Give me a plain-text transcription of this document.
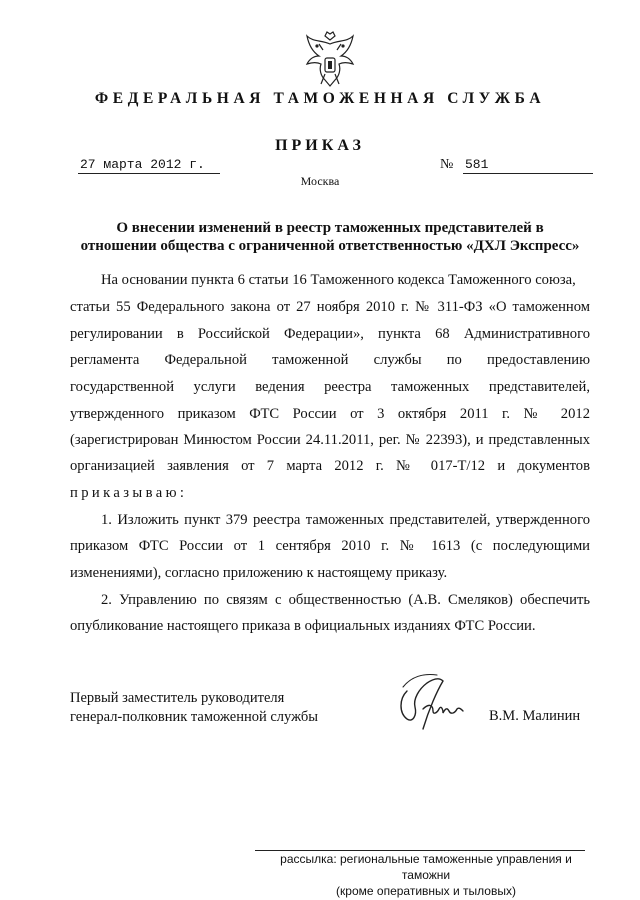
ФЕДЕРАЛЬНАЯ ТАМОЖЕННАЯ СЛУЖБА
ПРИКАЗ
27 марта 2012 г.	№ 581
Москва
О внесении изменений в реестр таможенных представителей в
отношении общества с ограниченной ответственностью «ДХЛ Экспресс»
На основании пункта 6 статьи 16 Таможенного кодекса Таможенного союза,
статьи 55 Федерального закона от 27 ноября 2010 г. № 311-ФЗ «О таможенном
регулировании в Российской Федерации», пункта 68 Административного
регламента Федеральной таможенной службы по предоставлению
государственной услуги ведения реестра таможенных представителей,
утвержденного приказом ФТС России от 3 октября 2011 г. № 2012
(зарегистрирован Минюстом России 24.11.2011, рег. № 22393), и представленных
организацией заявления от 7 марта 2012 г. № 017-Т/12 и документов
приказываю:
1. Изложить пункт 379 реестра таможенных представителей, утвержденного
приказом ФТС России от 1 сентября 2010 г. № 1613 (с последующими
изменениями), согласно приложению к настоящему приказу.
2. Управлению по связям с общественностью (А.В. Смеляков) обеспечить
опубликование настоящего приказа в официальных изданиях ФТС России.
Первый заместитель руководителя
генерал-полковник таможенной службы	В.М. Малинин
рассылка: региональные таможенные управления и таможни
(кроме оперативных и тыловых)
